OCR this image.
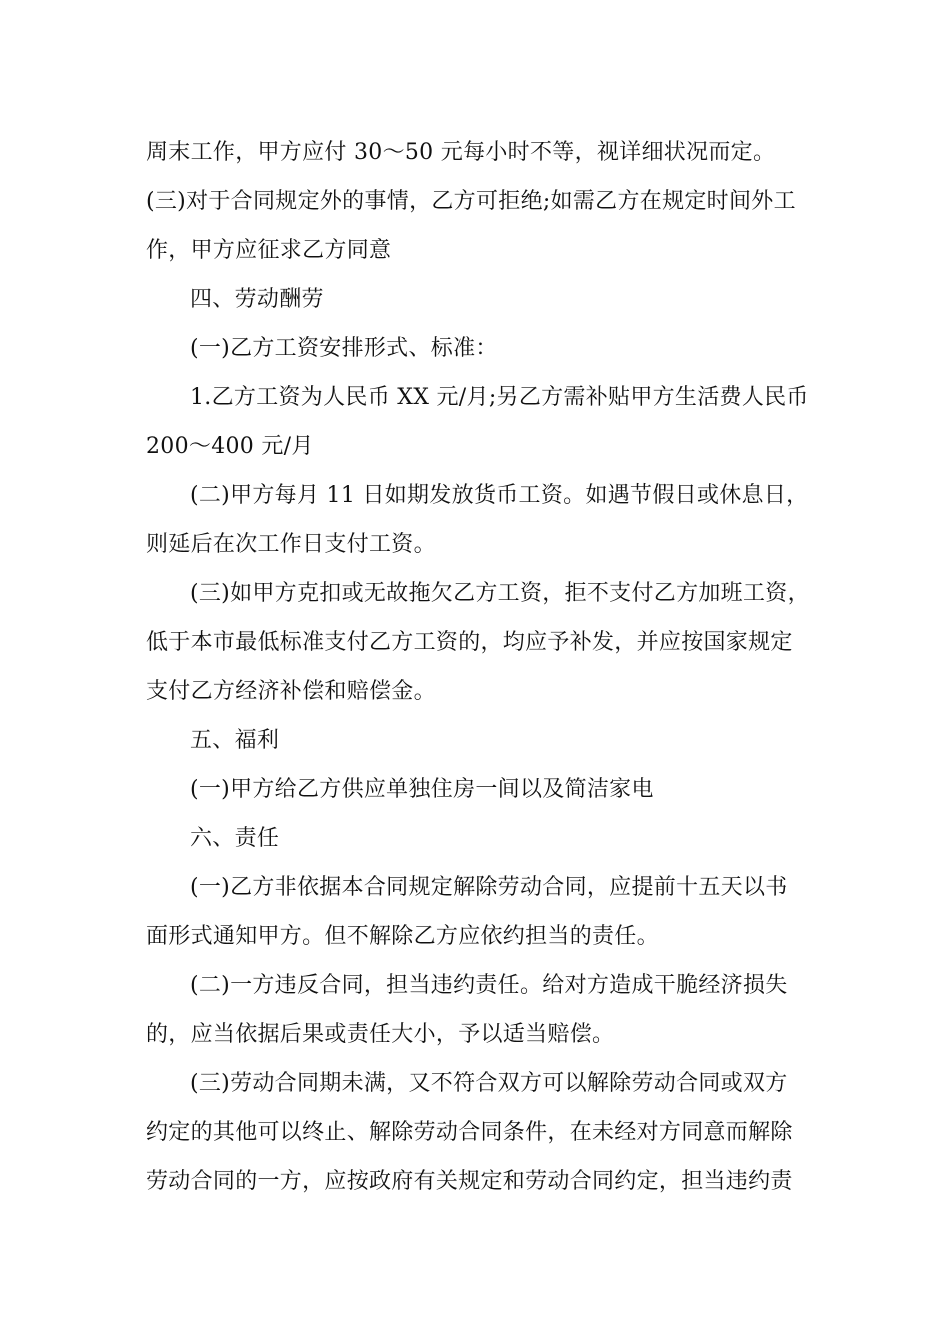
周末工作，甲方应付 30～50 元每小时不等，视详细状况而定。

(三)对于合同规定外的事情，乙方可拒绝;如需乙方在规定时间外工

作，甲方应征求乙方同意

四、劳动酬劳

(一)乙方工资安排形式、标准：

1.乙方工资为人民币 XX 元/月;另乙方需补贴甲方生活费人民币

200～400 元/月

(二)甲方每月 11 日如期发放货币工资。如遇节假日或休息日，

则延后在次工作日支付工资。

(三)如甲方克扣或无故拖欠乙方工资，拒不支付乙方加班工资，

低于本市最低标准支付乙方工资的，均应予补发，并应按国家规定

支付乙方经济补偿和赔偿金。

五、福利

(一)甲方给乙方供应单独住房一间以及简洁家电

六、责任

(一)乙方非依据本合同规定解除劳动合同，应提前十五天以书

面形式通知甲方。但不解除乙方应依约担当的责任。

(二)一方违反合同，担当违约责任。给对方造成干脆经济损失

的，应当依据后果或责任大小，予以适当赔偿。

(三)劳动合同期未满，又不符合双方可以解除劳动合同或双方

约定的其他可以终止、解除劳动合同条件，在未经对方同意而解除

劳动合同的一方，应按政府有关规定和劳动合同约定，担当违约责
